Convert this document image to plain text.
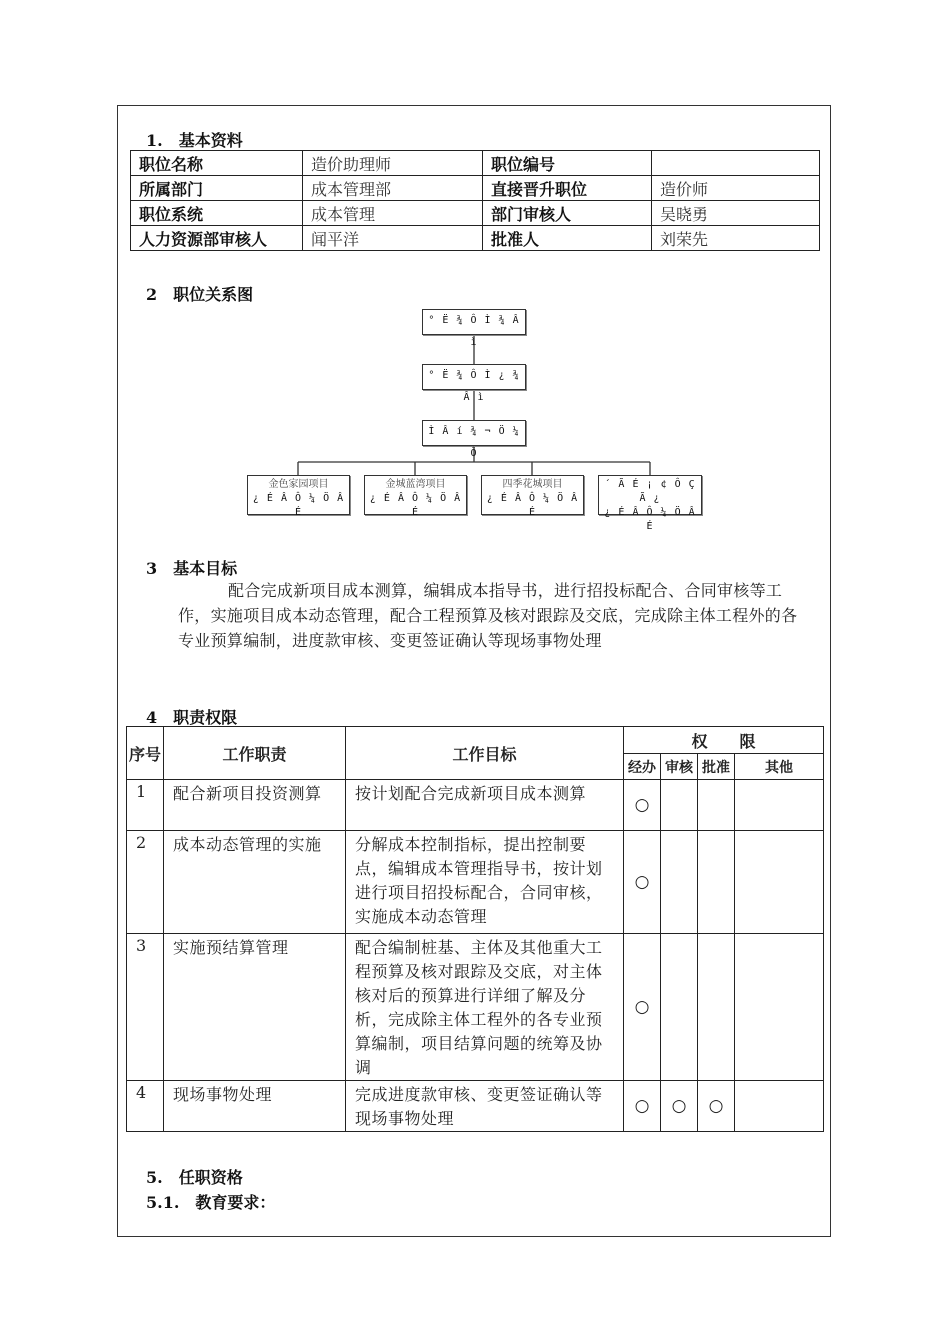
1.　基本资料
职位名称	造价助理师	职位编号	
所属部门	成本管理部	直接晋升职位	造价师
职位系统	成本管理	部门审核人	吴晓勇
人力资源部审核人	闻平洋	批准人	刘荣先
2　职位关系图
° Ë ¾ Ô Ì ¾ Â ì
° Ë ¾ Ô Ì ¿ ¾ Â ì
Ì Â í ¾ ¬ Ö ¼ Ô
金色家园项目
¿ É Â Ô ¼ Ö Â É
金城蓝湾项目
¿ É Â Ô ¼ Ö Â É
四季花城项目
¿ É Â Ô ¼ Ö Â É
´ Ã É ¡ ¢ Ô Ç Ã ¿
¿ É Â Ô ¼ Ö Â É
3　基本目标
配合完成新项目成本测算，编辑成本指导书，进行招投标配合、合同审核等工作，实施项目成本动态管理，配合工程预算及核对跟踪及交底，完成除主体工程外的各专业预算编制，进度款审核、变更签证确认等现场事物处理
4　职责权限
序号	工作职责	工作目标	权　　限			
			经办	审核	批准	其他
1	配合新项目投资测算	按计划配合完成新项目成本测算	○			
2	成本动态管理的实施	分解成本控制指标，提出控制要点，编辑成本管理指导书，按计划进行项目招投标配合，合同审核，实施成本动态管理	○			
3	实施预结算管理	配合编制桩基、主体及其他重大工程预算及核对跟踪及交底，对主体核对后的预算进行详细了解及分析，完成除主体工程外的各专业预算编制，项目结算问题的统筹及协调	○			
4	现场事物处理	完成进度款审核、变更签证确认等现场事物处理	○	○	○	
5.　任职资格
5.1.　教育要求：
